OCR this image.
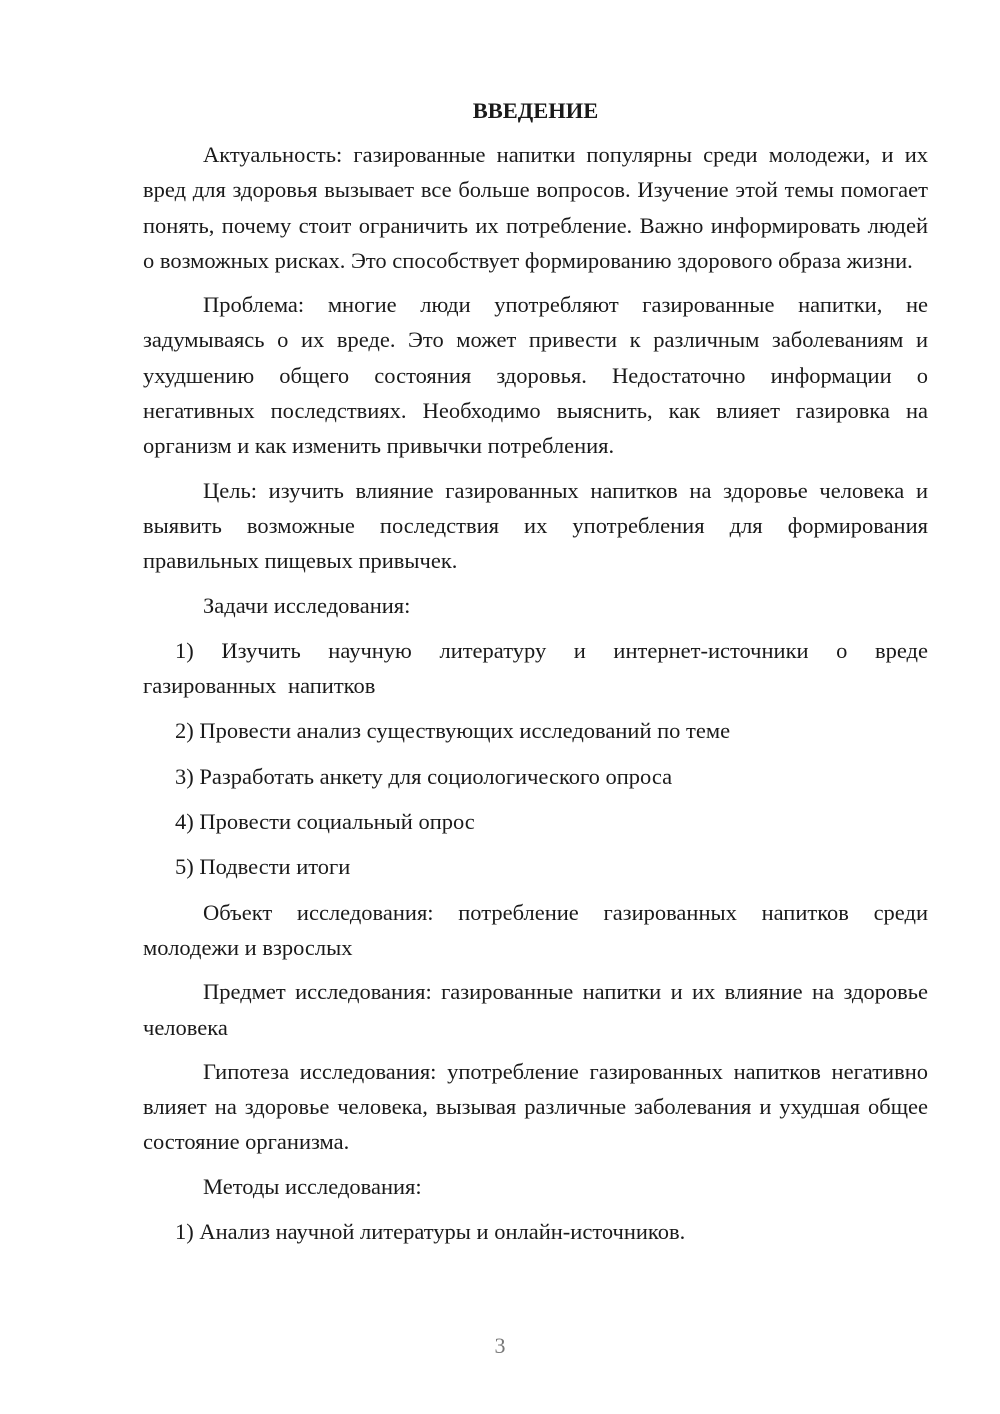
ВВЕДЕНИЕ

Актуальность: газированные напитки популярны среди молодежи, и их вред для здоровья вызывает все больше вопросов. Изучение этой темы помогает понять, почему стоит ограничить их потребление. Важно информировать людей о возможных рисках. Это способствует формированию здорового образа жизни.

Проблема: многие люди употребляют газированные напитки, не задумываясь о их вреде. Это может привести к различным заболеваниям и ухудшению общего состояния здоровья. Недостаточно информации о негативных последствиях. Необходимо выяснить, как влияет газировка на организм и как изменить привычки потребления.

Цель: изучить влияние газированных напитков на здоровье человека и выявить возможные последствия их употребления для формирования правильных пищевых привычек.

Задачи исследования:

1) Изучить научную литературу и интернет-источники о вреде газированных напитков

2) Провести анализ существующих исследований по теме

3) Разработать анкету для социологического опроса

4) Провести социальный опрос

5) Подвести итоги

Объект исследования: потребление газированных напитков среди молодежи и взрослых

Предмет исследования: газированные напитки и их влияние на здоровье человека

Гипотеза исследования: употребление газированных напитков негативно влияет на здоровье человека, вызывая различные заболевания и ухудшая общее состояние организма.

Методы исследования:

1) Анализ научной литературы и онлайн-источников.

3
